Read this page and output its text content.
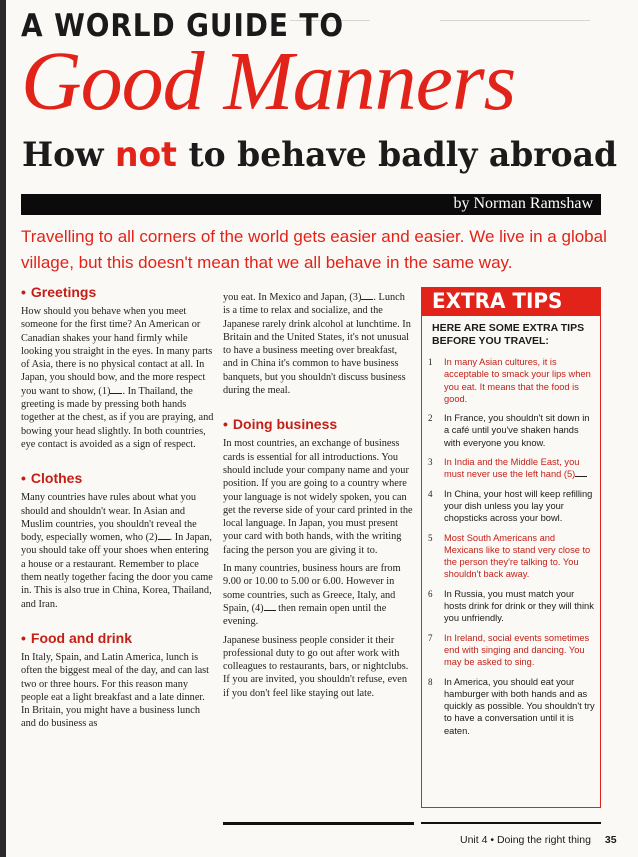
A WORLD GUIDE TO
Good Manners
How not to behave badly abroad
by Norman Ramshaw

Travelling to all corners of the world gets easier and easier. We live in a global village, but this doesn't mean that we all behave in the same way.

• Greetings

How should you behave when you meet someone for the first time? An American or Canadian shakes your hand firmly while looking you straight in the eyes. In many parts of Asia, there is no physical contact at all. In Japan, you should bow, and the more respect you want to show, (1) . In Thailand, the greeting is made by pressing both hands together at the chest, as if you are praying, and bowing your head slightly. In both countries, eye contact is avoided as a sign of respect.

• Clothes

Many countries have rules about what you should and shouldn't wear. In Asian and Muslim countries, you shouldn't reveal the body, especially women, who (2) . In Japan, you should take off your shoes when entering a house or a restaurant. Remember to place them neatly together facing the door you came in. This is also true in China, Korea, Thailand, and Iran.

• Food and drink

In Italy, Spain, and Latin America, lunch is often the biggest meal of the day, and can last two or three hours. For this reason many people eat a light breakfast and a late dinner. In Britain, you might have a business lunch and do business as

you eat. In Mexico and Japan, (3) . Lunch is a time to relax and socialize, and the Japanese rarely drink alcohol at lunchtime. In Britain and the United States, it's not unusual to have a business meeting over breakfast, and in China it's common to have business banquets, but you shouldn't discuss business during the meal.

• Doing business

In most countries, an exchange of business cards is essential for all introductions. You should include your company name and your position. If you are going to a country where your language is not widely spoken, you can get the reverse side of your card printed in the local language. In Japan, you must present your card with both hands, with the writing facing the person you are giving it to.

In many countries, business hours are from 9.00 or 10.00 to 5.00 or 6.00. However in some countries, such as Greece, Italy, and Spain, (4) then remain open until the evening.

Japanese business people consider it their professional duty to go out after work with colleagues to restaurants, bars, or nightclubs. If you are invited, you shouldn't refuse, even if you don't feel like staying out late.

EXTRA TIPS
HERE ARE SOME EXTRA TIPS BEFORE YOU TRAVEL:
1 In many Asian cultures, it is acceptable to smack your lips when you eat. It means that the food is good.
2 In France, you shouldn't sit down in a café until you've shaken hands with everyone you know.
3 In India and the Middle East, you must never use the left hand (5)
4 In China, your host will keep refilling your dish unless you lay your chopsticks across your bowl.
5 Most South Americans and Mexicans like to stand very close to the person they're talking to. You shouldn't back away.
6 In Russia, you must match your hosts drink for drink or they will think you unfriendly.
7 In Ireland, social events sometimes end with singing and dancing. You may be asked to sing.
8 In America, you should eat your hamburger with both hands and as quickly as possible. You shouldn't try to have a conversation until it is eaten.
Unit 4 • Doing the right thing 35
